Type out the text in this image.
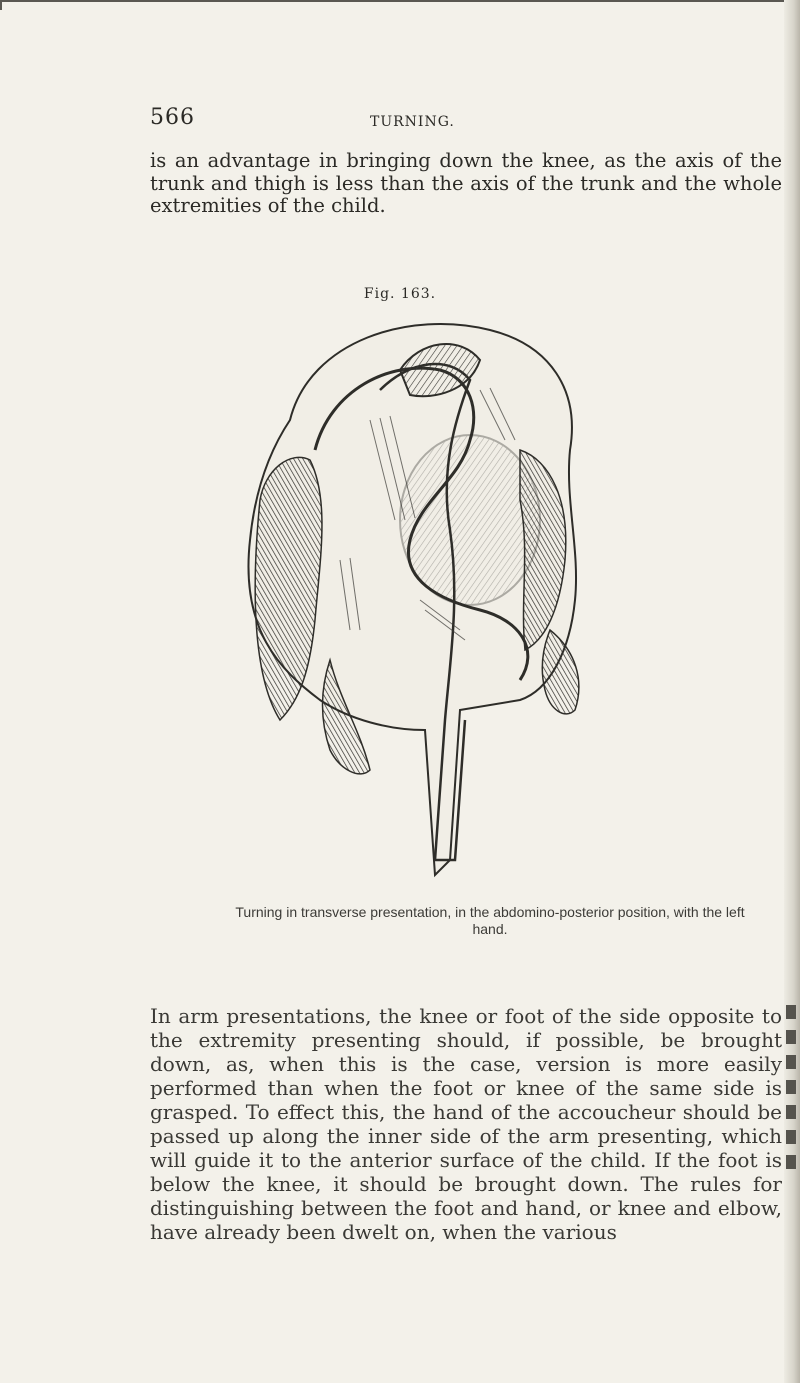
566	TURNING.

is an advantage in bringing down the knee, as the axis of the trunk and thigh is less than the axis of the trunk and the whole extremities of the child.

Fig. 163.
Turning in transverse presentation, in the abdomino-posterior position, with the left hand.

In arm presentations, the knee or foot of the side opposite to the extremity presenting should, if possible, be brought down, as, when this is the case, version is more easily performed than when the foot or knee of the same side is grasped. To effect this, the hand of the accoucheur should be passed up along the inner side of the arm presenting, which will guide it to the anterior surface of the child. If the foot is below the knee, it should be brought down. The rules for distinguishing between the foot and hand, or knee and elbow, have already been dwelt on, when the various
